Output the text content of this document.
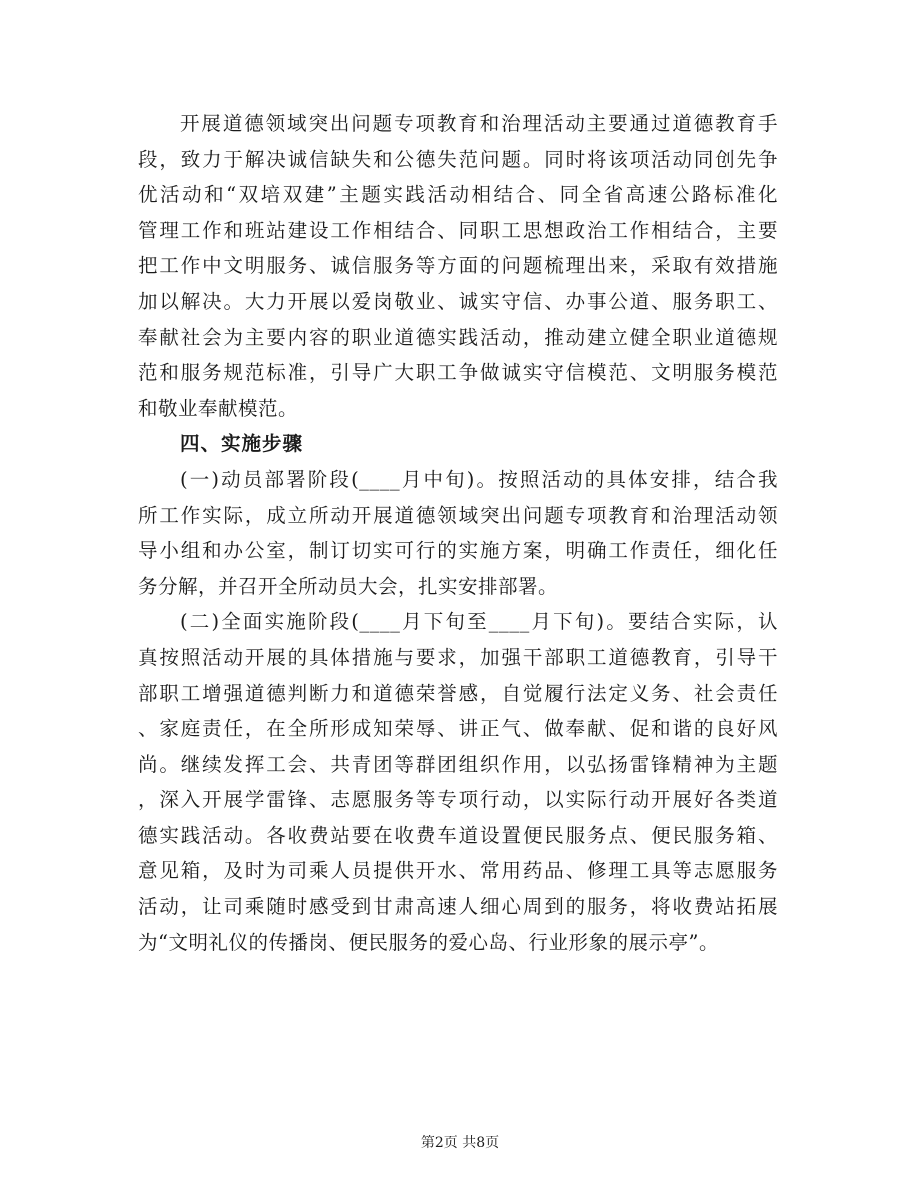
开展道德领域突出问题专项教育和治理活动主要通过道德教育手
段，致力于解决诚信缺失和公德失范问题。同时将该项活动同创先争
优活动和“双培双建”主题实践活动相结合、同全省高速公路标准化
管理工作和班站建设工作相结合、同职工思想政治工作相结合，主要
把工作中文明服务、诚信服务等方面的问题梳理出来，采取有效措施
加以解决。大力开展以爱岗敬业、诚实守信、办事公道、服务职工、
奉献社会为主要内容的职业道德实践活动，推动建立健全职业道德规
范和服务规范标准，引导广大职工争做诚实守信模范、文明服务模范
和敬业奉献模范。
四、实施步骤
(一)动员部署阶段(____月中旬)。按照活动的具体安排，结合我
所工作实际，成立所动开展道德领域突出问题专项教育和治理活动领
导小组和办公室，制订切实可行的实施方案，明确工作责任，细化任
务分解，并召开全所动员大会，扎实安排部署。
(二)全面实施阶段(____月下旬至____月下旬)。要结合实际，认
真按照活动开展的具体措施与要求，加强干部职工道德教育，引导干
部职工增强道德判断力和道德荣誉感，自觉履行法定义务、社会责任
、家庭责任，在全所形成知荣辱、讲正气、做奉献、促和谐的良好风
尚。继续发挥工会、共青团等群团组织作用，以弘扬雷锋精神为主题
，深入开展学雷锋、志愿服务等专项行动，以实际行动开展好各类道
德实践活动。各收费站要在收费车道设置便民服务点、便民服务箱、
意见箱，及时为司乘人员提供开水、常用药品、修理工具等志愿服务
活动，让司乘随时感受到甘肃高速人细心周到的服务，将收费站拓展
为“文明礼仪的传播岗、便民服务的爱心岛、行业形象的展示亭”。
第2页 共8页
